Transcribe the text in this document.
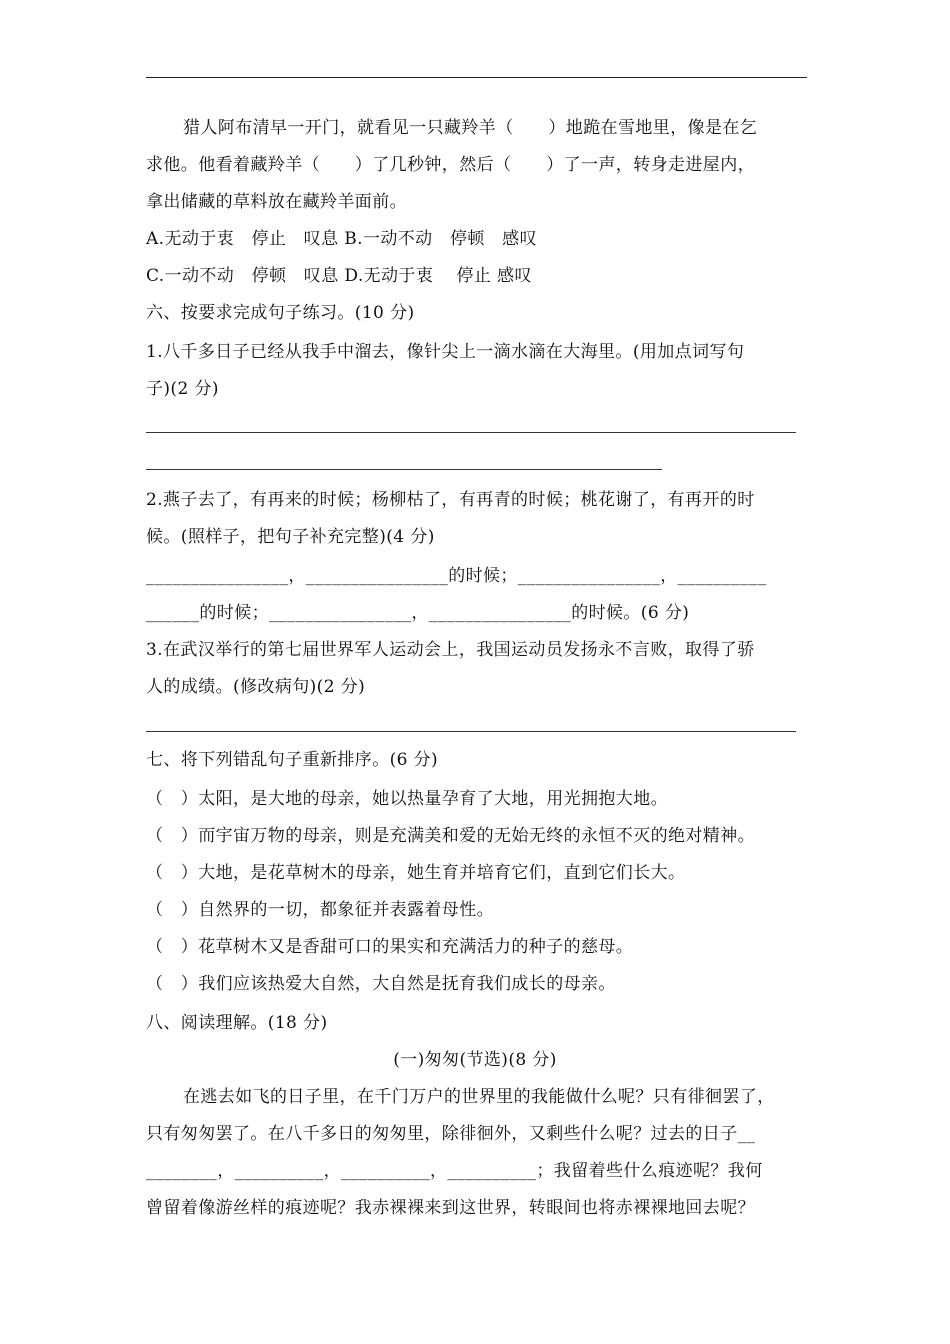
猎人阿布清早一开门，就看见一只藏羚羊（　　）地跪在雪地里，像是在乞
求他。他看着藏羚羊（　　）了几秒钟，然后（　　）了一声，转身走进屋内，
拿出储藏的草料放在藏羚羊面前。
A.无动于衷　停止　叹息 B.一动不动　停顿　感叹
C.一动不动　停顿　叹息 D.无动于衷　 停止 感叹
六、按要求完成句子练习。(10 分)
1.八千多日子已经从我手中溜去，像针尖上一滴水滴在大海里。(用加点词写句
子)(2 分)
2.燕子去了，有再来的时候；杨柳枯了，有再青的时候；桃花谢了，有再开的时
候。(照样子，把句子补充完整)(4 分)
________________，________________的时候；________________，__________
______的时候；________________，________________的时候。(6 分)
3.在武汉举行的第七届世界军人运动会上，我国运动员发扬永不言败，取得了骄
人的成绩。(修改病句)(2 分)
七、将下列错乱句子重新排序。(6 分)
（　）太阳，是大地的母亲，她以热量孕育了大地，用光拥抱大地。
（　）而宇宙万物的母亲，则是充满美和爱的无始无终的永恒不灭的绝对精神。
（　）大地，是花草树木的母亲，她生育并培育它们，直到它们长大。
（　）自然界的一切，都象征并表露着母性。
（　）花草树木又是香甜可口的果实和充满活力的种子的慈母。
（　）我们应该热爱大自然，大自然是抚育我们成长的母亲。
八、阅读理解。(18 分)
(一)匆匆(节选)(8 分)
在逃去如飞的日子里，在千门万户的世界里的我能做什么呢？只有徘徊罢了，
只有匆匆罢了。在八千多日的匆匆里，除徘徊外，又剩些什么呢？过去的日子__
________，__________，__________，__________；我留着些什么痕迹呢？我何
曾留着像游丝样的痕迹呢？我赤裸裸来到这世界，转眼间也将赤裸裸地回去呢？
